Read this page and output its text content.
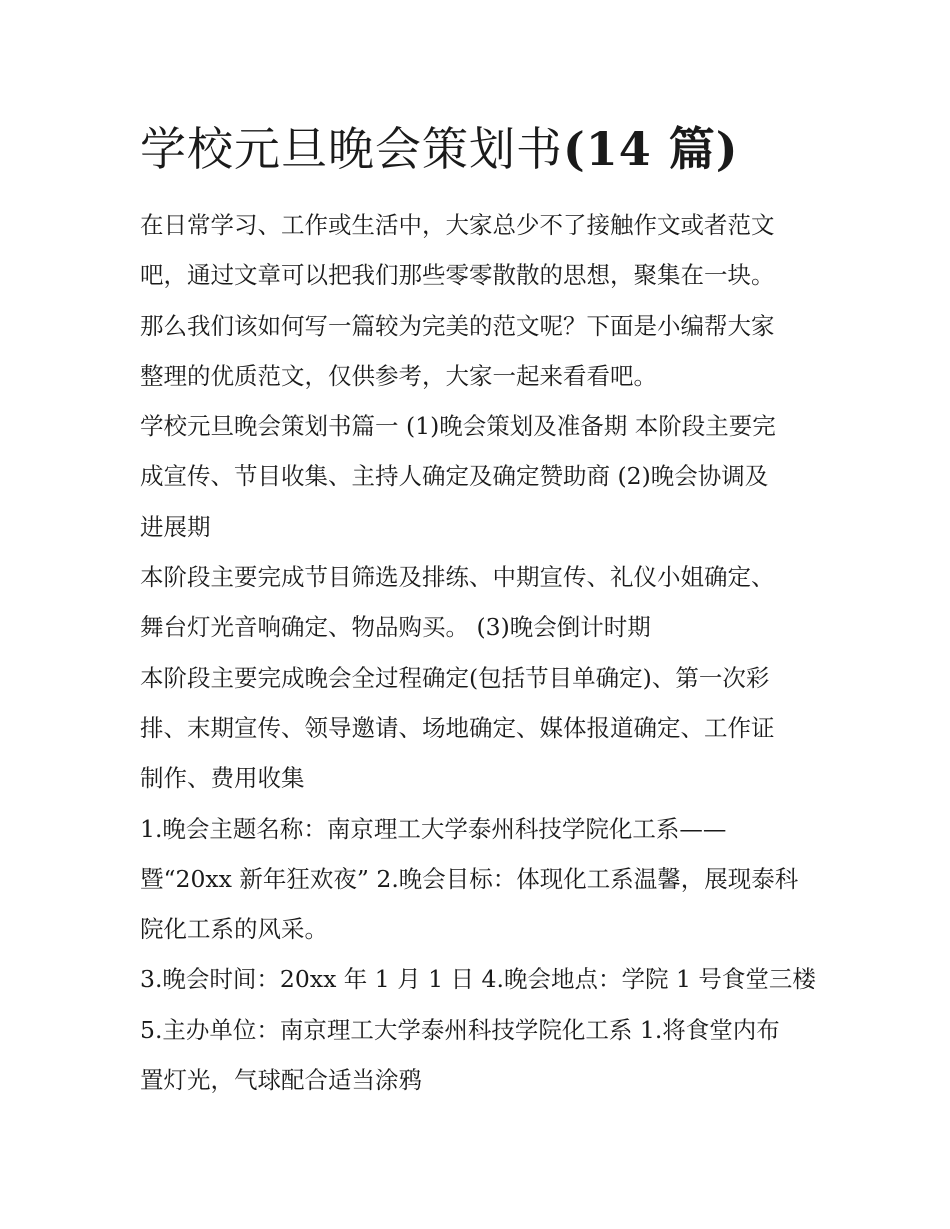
学校元旦晚会策划书(14 篇)
在日常学习、工作或生活中，大家总少不了接触作文或者范文
吧，通过文章可以把我们那些零零散散的思想，聚集在一块。
那么我们该如何写一篇较为完美的范文呢？下面是小编帮大家
整理的优质范文，仅供参考，大家一起来看看吧。
学校元旦晚会策划书篇一 (1)晚会策划及准备期 本阶段主要完
成宣传、节目收集、主持人确定及确定赞助商 (2)晚会协调及
进展期
本阶段主要完成节目筛选及排练、中期宣传、礼仪小姐确定、
舞台灯光音响确定、物品购买。 (3)晚会倒计时期
本阶段主要完成晚会全过程确定(包括节目单确定)、第一次彩
排、末期宣传、领导邀请、场地确定、媒体报道确定、工作证
制作、费用收集
1.晚会主题名称：南京理工大学泰州科技学院化工系——
暨“20xx 新年狂欢夜” 2.晚会目标：体现化工系温馨，展现泰科
院化工系的风采。
3.晚会时间：20xx 年 1 月 1 日 4.晚会地点：学院 1 号食堂三楼
5.主办单位：南京理工大学泰州科技学院化工系 1.将食堂内布
置灯光，气球配合适当涂鸦
